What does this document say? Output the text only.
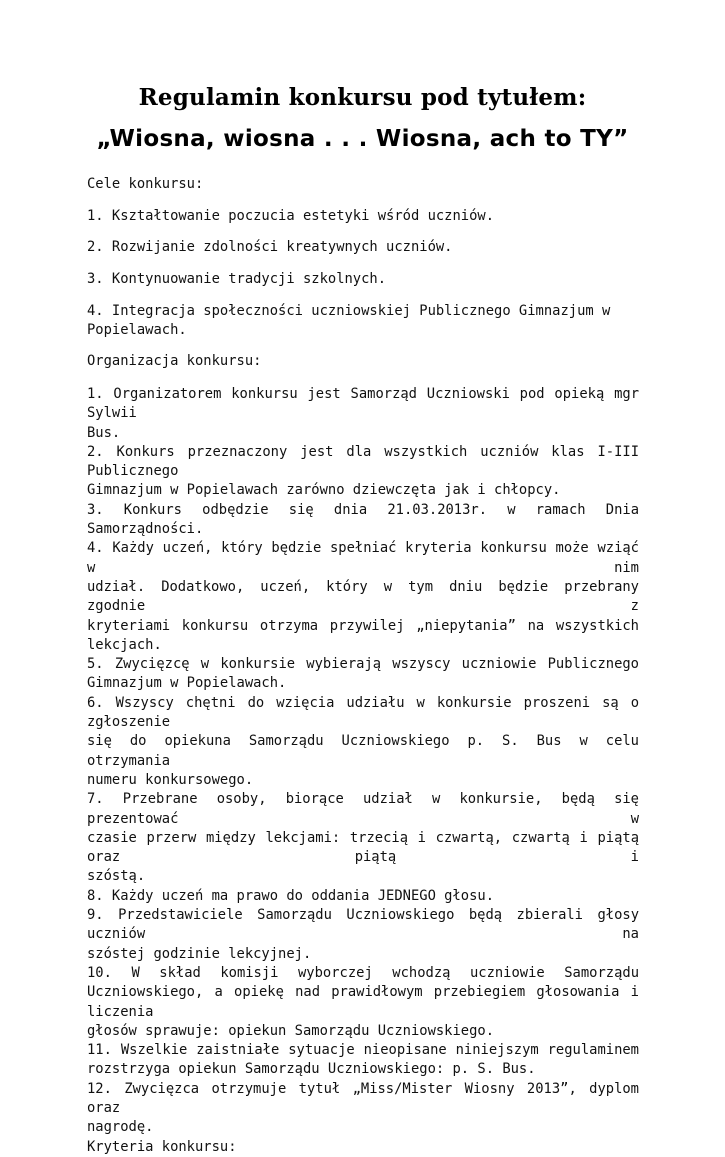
Regulamin konkursu pod tytułem:
„Wiosna, wiosna . . . Wiosna, ach to TY”

Cele konkursu:

1. Kształtowanie poczucia estetyki wśród uczniów.

2. Rozwijanie zdolności kreatywnych uczniów.

3. Kontynuowanie tradycji szkolnych.

4. Integracja społeczności uczniowskiej Publicznego Gimnazjum w
Popielawach.

Organizacja konkursu:

1. Organizatorem konkursu jest Samorząd Uczniowski pod opieką mgr Sylwii
Bus.

2. Konkurs przeznaczony jest dla wszystkich uczniów klas I-III Publicznego
Gimnazjum w Popielawach zarówno dziewczęta jak i chłopcy.

3. Konkurs odbędzie się dnia 21.03.2013r. w ramach Dnia Samorządności.

4. Każdy uczeń, który będzie spełniać kryteria konkursu może wziąć w nim
udział. Dodatkowo, uczeń, który w tym dniu będzie przebrany zgodnie z
kryteriami konkursu otrzyma przywilej „niepytania” na wszystkich lekcjach.

5. Zwycięzcę w konkursie wybierają wszyscy uczniowie Publicznego
Gimnazjum w Popielawach.

6. Wszyscy chętni do wzięcia udziału w konkursie proszeni są o zgłoszenie
się do opiekuna Samorządu Uczniowskiego p. S. Bus w celu otrzymania
numeru konkursowego.

7. Przebrane osoby, biorące udział w konkursie, będą się prezentować w
czasie przerw między lekcjami: trzecią i czwartą, czwartą i piątą oraz piątą i
szóstą.

8. Każdy uczeń ma prawo do oddania JEDNEGO głosu.

9. Przedstawiciele Samorządu Uczniowskiego będą zbierali głosy uczniów na
szóstej godzinie lekcyjnej.

10. W skład komisji wyborczej wchodzą uczniowie Samorządu
Uczniowskiego, a opiekę nad prawidłowym przebiegiem głosowania i liczenia
głosów sprawuje: opiekun Samorządu Uczniowskiego.

11. Wszelkie zaistniałe sytuacje nieopisane niniejszym regulaminem
rozstrzyga opiekun Samorządu Uczniowskiego: p. S. Bus.

12. Zwycięzca otrzymuje tytuł „Miss/Mister Wiosny 2013”, dyplom oraz
nagrodę.

Kryteria konkursu:
